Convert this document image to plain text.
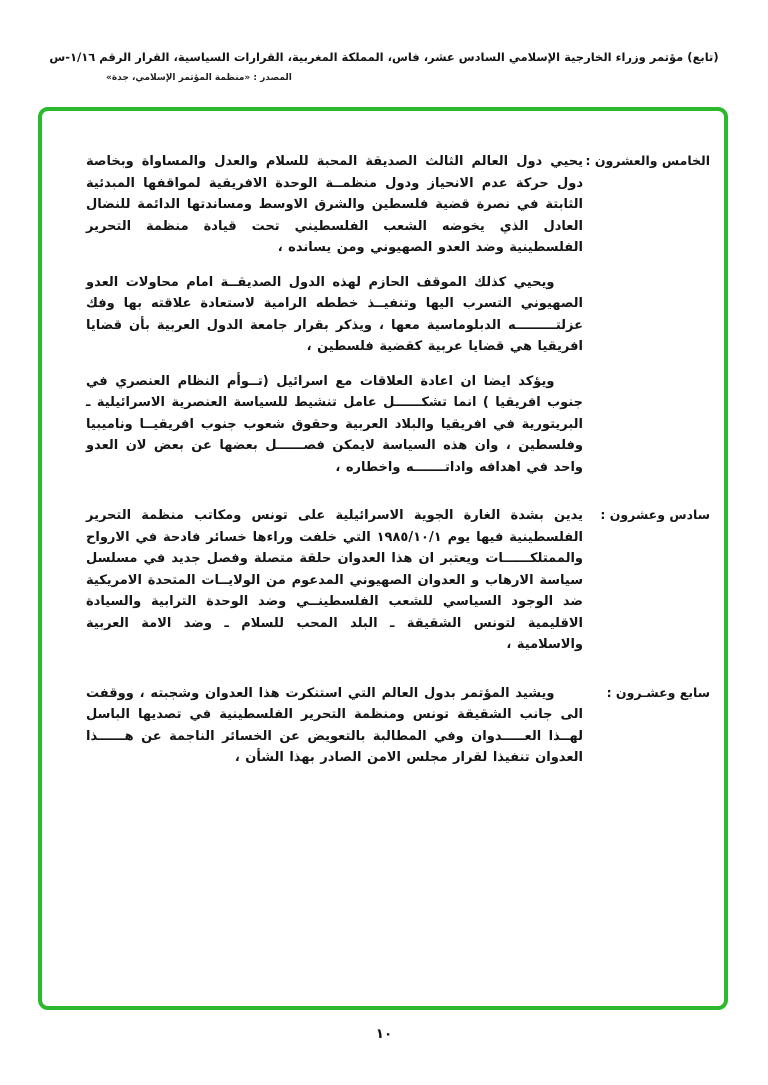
(تابع) مؤتمر وزراء الخارجية الإسلامي السادس عشر، فاس، المملكة المغربية، القرارات السياسية، القرار الرقم ١/١٦-س
المصدر : «منظمة المؤتمر الإسلامي، جدة»
الخامس والعشرون :

يحيي دول العالم الثالث الصديقة المحبة للسلام والعدل والمساواة وبخاصة دول حركة عدم الانحياز ودول منظمــة الوحدة الافريقية لمواقفها المبدئية الثابتة في نصرة قضية فلسطين والشرق الاوسط ومساندتها الدائمة للنضال العادل الذي يخوضه الشعب الفلسطيني تحت قيادة منظمة التحرير الفلسطينية وضد العدو الصهيوني ومن يسانده ،

ويحيي كذلك الموقف الحازم لهذه الدول الصديقــة امام محاولات العدو الصهيوني التسرب اليها وتنفيــذ خططه الرامية لاستعادة علاقته بها وفك عزلتـــــــــه الدبلوماسية معها ، ويذكر بقرار جامعة الدول العربية بأن قضايا افريقيا هي قضايا عربية كقضية فلسطين ،

ويؤكد ايضا ان اعادة العلاقات مع اسرائيل (تــوأم النظام العنصري في جنوب افريقيا ) انما تشكــــــل عامل تنشيط للسياسة العنصرية الاسرائيلية ـ البريتورية في افريقيا والبلاد العربية وحقوق شعوب جنوب افريقيــا وناميبيا وفلسطين ، وان هذه السياسة لايمكن فصــــــل بعضها عن بعض لان العدو واحد في اهدافه واداتـــــــه واخطاره ،

سادس وعشرون :

يدين بشدة الغارة الجوية الاسرائيلية على تونس ومكاتب منظمة التحرير الفلسطينية فيها يوم ١٩٨٥/١٠/١ التي خلفت وراءها خسائر فادحة في الارواح والممتلكــــــات ويعتبر ان هذا العدوان حلقة متصلة وفصل جديد في مسلسل سياسة الارهاب و العدوان الصهيوني المدعوم من الولايــات المتحدة الامريكية ضد الوجود السياسي للشعب الفلسطينــي وضد الوحدة الترابية والسيادة الاقليمية لتونس الشقيقة ـ البلد المحب للسلام ـ وضد الامة العربية والاسلامية ،

سابع وعشـرون :

ويشيد المؤتمر بدول العالم التي استنكرت هذا العدوان وشجبته ، ووقفت الى جانب الشقيقة تونس ومنظمة التحرير الفلسطينية في تصديها الباسل لهــذا العـــــدوان وفي المطالبة بالتعويض عن الخسائر الناجمة عن هــــــذا العدوان تنفيذا لقرار مجلس الامن الصادر بهذا الشأن ،

١٠
